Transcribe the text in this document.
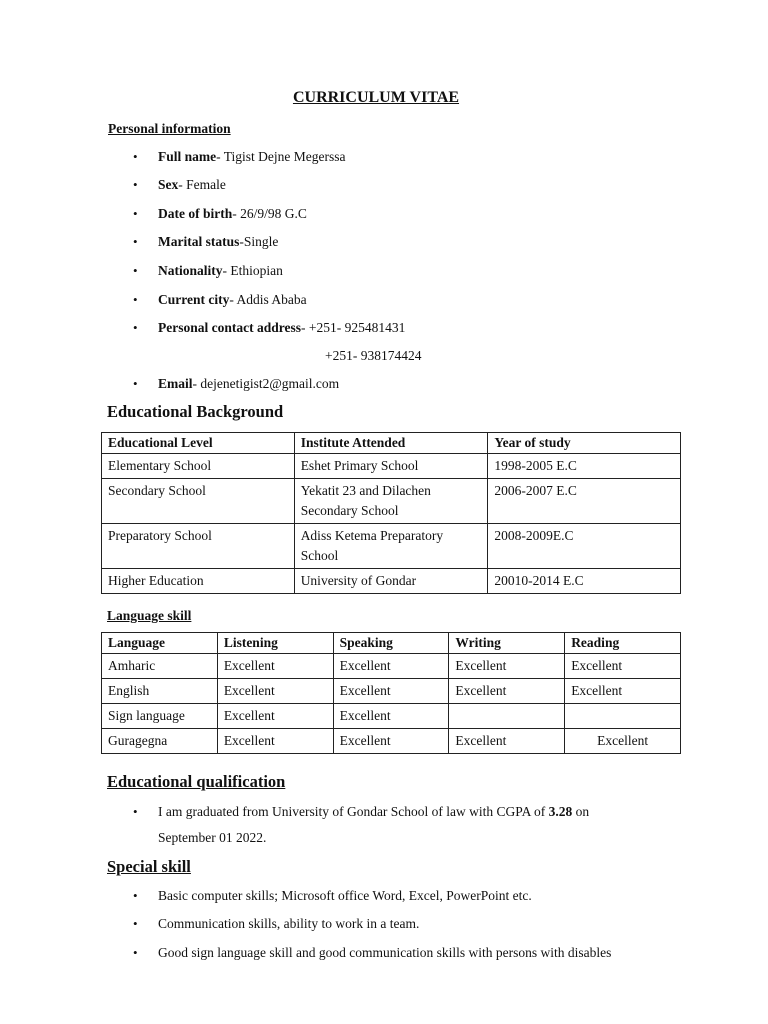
CURRICULUM VITAE
Personal information
• Full name- Tigist Dejne Megerssa
• Sex- Female
• Date of birth- 26/9/98 G.C
• Marital status-Single
• Nationality- Ethiopian
• Current city- Addis Ababa
• Personal contact address- +251- 925481431
+251- 938174424
• Email- dejenetigist2@gmail.com
Educational Background
Educational Level	Institute Attended	Year of study
Elementary School	Eshet Primary School	1998-2005 E.C
Secondary School	Yekatit 23 and Dilachen Secondary School	2006-2007 E.C
Preparatory School	Adiss Ketema Preparatory School	2008-2009E.C
Higher Education	University of Gondar	20010-2014 E.C
Language skill
Language	Listening	Speaking	Writing	Reading
Amharic	Excellent	Excellent	Excellent	Excellent
English	Excellent	Excellent	Excellent	Excellent
Sign language	Excellent	Excellent		
Guragegna	Excellent	Excellent	Excellent	Excellent
Educational qualification
• I am graduated from University of Gondar School of law with CGPA of 3.28 on
September 01 2022.
Special skill
• Basic computer skills; Microsoft office Word, Excel, PowerPoint etc.
• Communication skills, ability to work in a team.
• Good sign language skill and good communication skills with persons with disables
